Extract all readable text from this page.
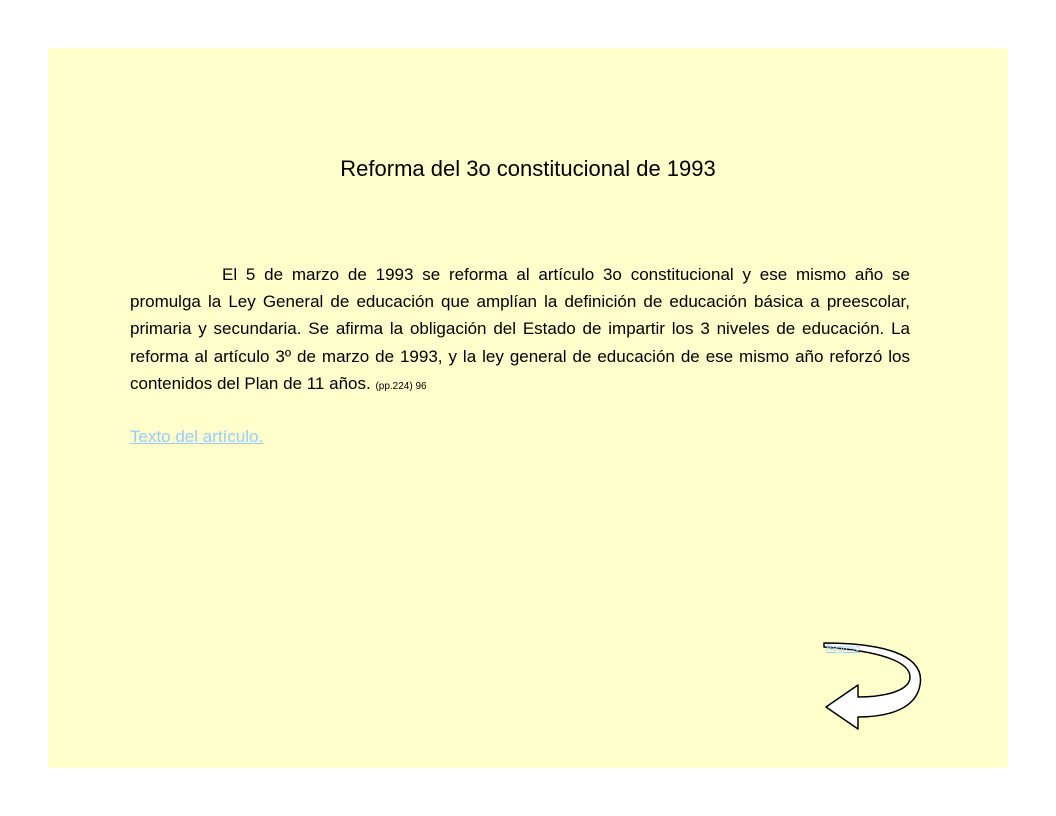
Reforma del 3o constitucional de 1993

El 5 de marzo de 1993 se reforma al artículo 3o constitucional y ese mismo año se promulga la Ley General de educación que amplían la definición de educación básica a preescolar, primaria y secundaria. Se afirma la obligación del Estado de impartir los 3 niveles de educación. La reforma al artículo 3º de marzo de 1993, y la ley general de educación de ese mismo año reforzó los contenidos del Plan de 11 años. (pp.224) 96

Texto del artículo.
Regreso
